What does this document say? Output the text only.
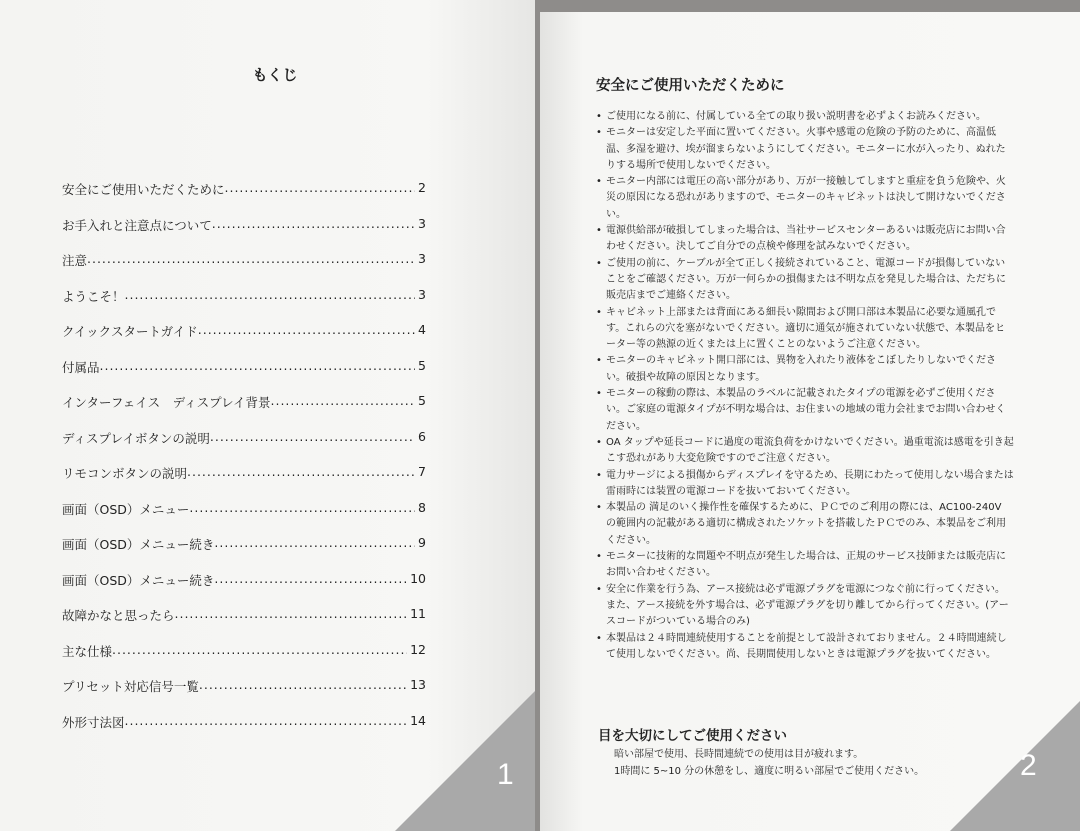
もくじ
安全にご使用いただくために .....	2
お手入れと注意点について .....	3
注意 .....	3
ようこそ！ .....	3
クイックスタートガイド .....	4
付属品 .....	5
インターフェイス　ディスプレイ背景 .....	5
ディスプレイボタンの説明 .....	6
リモコンボタンの説明 .....	7
画面（OSD）メニュー .....	8
画面（OSD）メニュー続き .....	9
画面（OSD）メニュー続き .....	10
故障かなと思ったら .....	11
主な仕様 .....	12
プリセット対応信号一覧 .....	13
外形寸法図 .....	14
1
安全にご使用いただくために
• ご使用になる前に、付属している全ての取り扱い説明書を必ずよくお読みください。
• モニターは安定した平面に置いてください。火事や感電の危険の予防のために、高温低温、多湿を避け、埃が溜まらないようにしてください。モニターに水が入ったり、ぬれたりする場所で使用しないでください。
• モニター内部には電圧の高い部分があり、万が一接触してしますと重症を負う危険や、火災の原因になる恐れがありますので、モニターのキャビネットは決して開けないでください。
• 電源供給部が破損してしまった場合は、当社サービスセンターあるいは販売店にお問い合わせください。決してご自分での点検や修理を試みないでください。
• ご使用の前に、ケーブルが全て正しく接続されていること、電源コードが損傷していないことをご確認ください。万が一何らかの損傷または不明な点を発見した場合は、ただちに販売店までご連絡ください。
• キャビネット上部または背面にある細長い隙間および開口部は本製品に必要な通風孔です。これらの穴を塞がないでください。適切に通気が施されていない状態で、本製品をヒーター等の熱源の近くまたは上に置くことのないようご注意ください。
• モニターのキャビネット開口部には、異物を入れたり液体をこぼしたりしないでください。破損や故障の原因となります。
• モニターの稼動の際は、本製品のラベルに記載されたタイプの電源を必ずご使用ください。ご家庭の電源タイプが不明な場合は、お住まいの地域の電力会社までお問い合わせください。
• OA タップや延長コードに過度の電流負荷をかけないでください。過重電流は感電を引き起こす恐れがあり大変危険ですのでご注意ください。
• 電力サージによる損傷からディスプレイを守るため、長期にわたって使用しない場合または雷雨時には装置の電源コードを抜いておいてください。
• 本製品の 満足のいく操作性を確保するために、ＰＣでのご利用の際には、AC100-240V の範囲内の記載がある適切に構成されたソケットを搭載したＰＣでのみ、本製品をご利用ください。
• モニターに技術的な問題や不明点が発生した場合は、正規のサービス技師または販売店にお問い合わせください。
• 安全に作業を行う為、アース接続は必ず電源プラグを電源につなぐ前に行ってください。また、アース接続を外す場合は、必ず電源プラグを切り離してから行ってください。(アースコードがついている場合のみ)
• 本製品は２４時間連続使用することを前提として設計されておりません。２４時間連続して使用しないでください。尚、長期間使用しないときは電源プラグを抜いてください。
目を大切にしてご使用ください
暗い部屋で使用、長時間連続での使用は目が疲れます。
1時間に 5~10 分の休憩をし、適度に明るい部屋でご使用ください。	2
